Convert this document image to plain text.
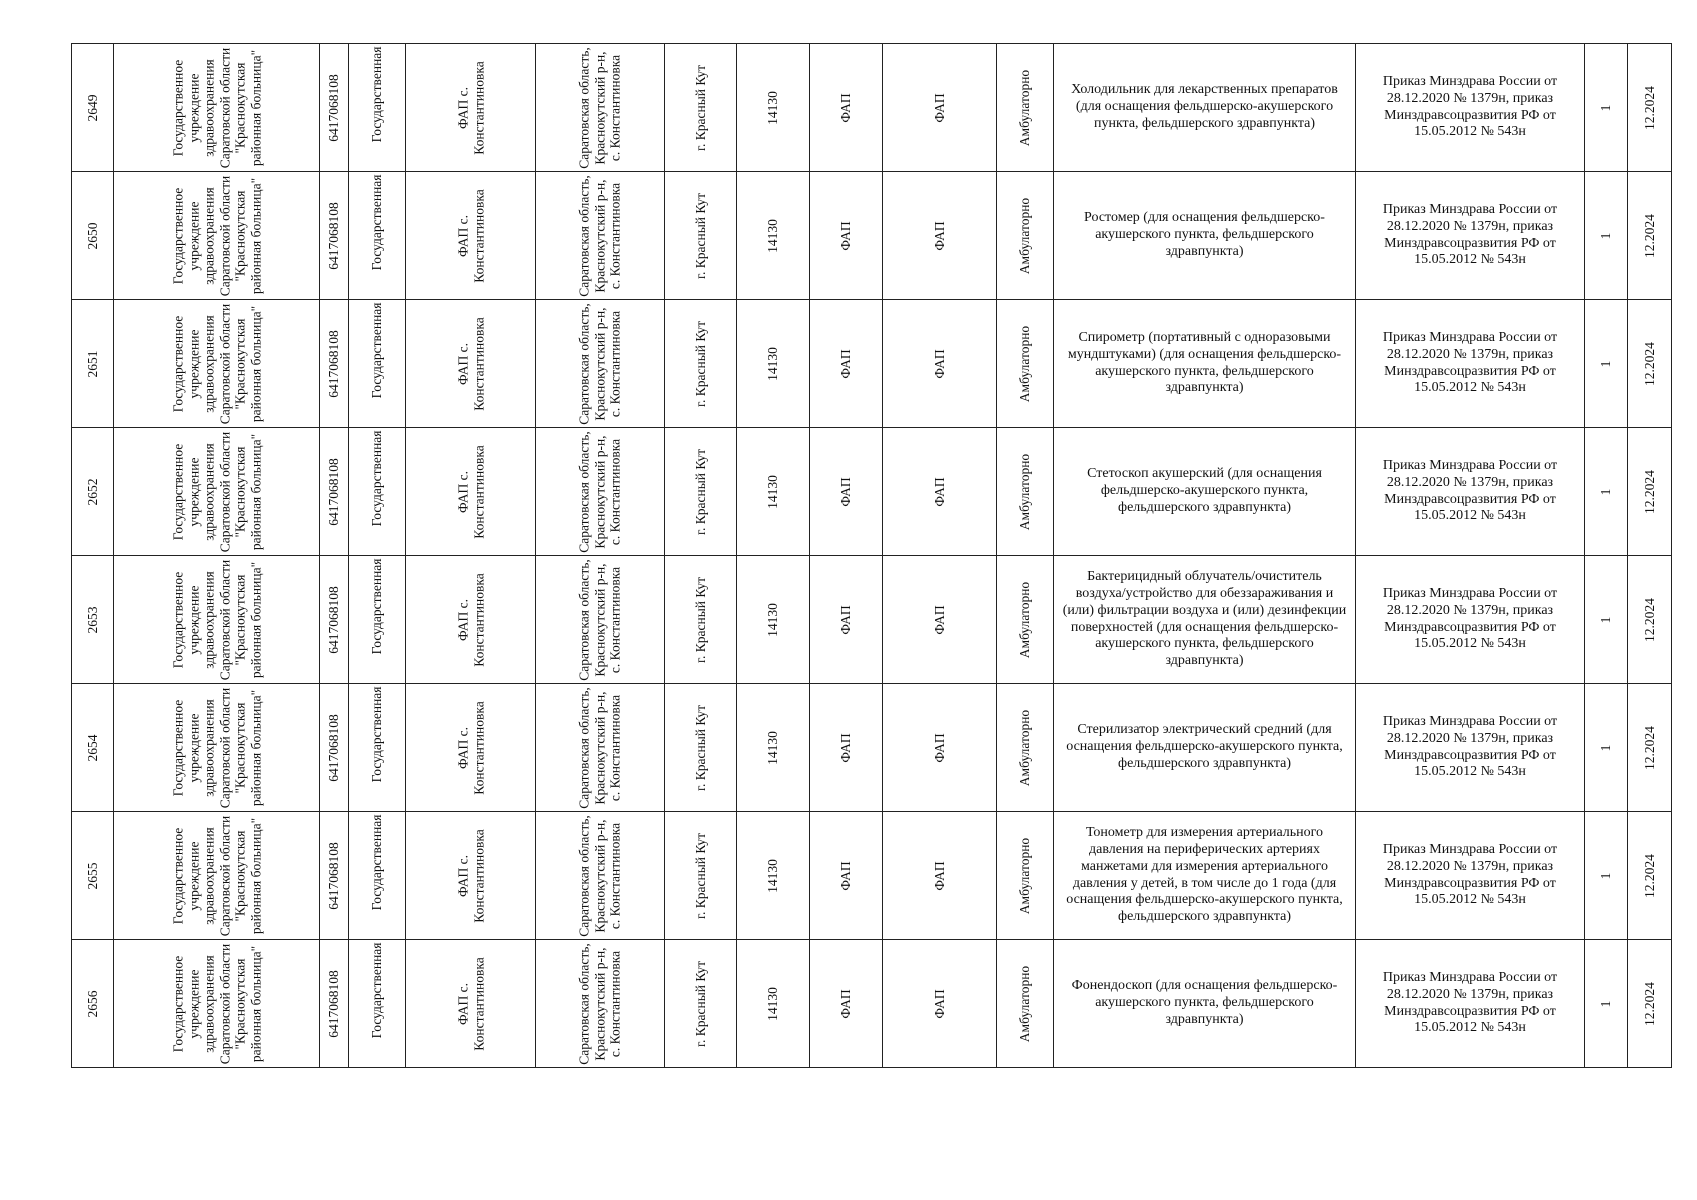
2649	Государственное учреждение здравоохранения Саратовской области "Краснокутская районная больница"	6417068108	Государственная	ФАП с. Константиновка	Саратовская область, Краснокутский р-н, с. Константиновка	г. Красный Кут	14130	ФАП	ФАП	Амбулаторно	Холодильник для лекарственных препаратов (для оснащения фельдшерско-акушерского пункта, фельдшерского здравпункта)	Приказ Минздрава России от 28.12.2020 № 1379н, приказ Минздравсоцразвития РФ от 15.05.2012 № 543н	1	12.2024

2650	Государственное учреждение здравоохранения Саратовской области "Краснокутская районная больница"	6417068108	Государственная	ФАП с. Константиновка	Саратовская область, Краснокутский р-н, с. Константиновка	г. Красный Кут	14130	ФАП	ФАП	Амбулаторно	Ростомер (для оснащения фельдшерско-акушерского пункта, фельдшерского здравпункта)	Приказ Минздрава России от 28.12.2020 № 1379н, приказ Минздравсоцразвития РФ от 15.05.2012 № 543н	1	12.2024

2651	Государственное учреждение здравоохранения Саратовской области "Краснокутская районная больница"	6417068108	Государственная	ФАП с. Константиновка	Саратовская область, Краснокутский р-н, с. Константиновка	г. Красный Кут	14130	ФАП	ФАП	Амбулаторно	Спирометр (портативный с одноразовыми мундштуками) (для оснащения фельдшерско-акушерского пункта, фельдшерского здравпункта)	Приказ Минздрава России от 28.12.2020 № 1379н, приказ Минздравсоцразвития РФ от 15.05.2012 № 543н	1	12.2024

2652	Государственное учреждение здравоохранения Саратовской области "Краснокутская районная больница"	6417068108	Государственная	ФАП с. Константиновка	Саратовская область, Краснокутский р-н, с. Константиновка	г. Красный Кут	14130	ФАП	ФАП	Амбулаторно	Стетоскоп акушерский (для оснащения фельдшерско-акушерского пункта, фельдшерского здравпункта)	Приказ Минздрава России от 28.12.2020 № 1379н, приказ Минздравсоцразвития РФ от 15.05.2012 № 543н	1	12.2024

2653	Государственное учреждение здравоохранения Саратовской области "Краснокутская районная больница"	6417068108	Государственная	ФАП с. Константиновка	Саратовская область, Краснокутский р-н, с. Константиновка	г. Красный Кут	14130	ФАП	ФАП	Амбулаторно	Бактерицидный облучатель/очиститель воздуха/устройство для обеззараживания и (или) фильтрации воздуха и (или) дезинфекции поверхностей (для оснащения фельдшерско-акушерского пункта, фельдшерского здравпункта)	Приказ Минздрава России от 28.12.2020 № 1379н, приказ Минздравсоцразвития РФ от 15.05.2012 № 543н	1	12.2024

2654	Государственное учреждение здравоохранения Саратовской области "Краснокутская районная больница"	6417068108	Государственная	ФАП с. Константиновка	Саратовская область, Краснокутский р-н, с. Константиновка	г. Красный Кут	14130	ФАП	ФАП	Амбулаторно	Стерилизатор электрический средний (для оснащения фельдшерско-акушерского пункта, фельдшерского здравпункта)	Приказ Минздрава России от 28.12.2020 № 1379н, приказ Минздравсоцразвития РФ от 15.05.2012 № 543н	1	12.2024

2655	Государственное учреждение здравоохранения Саратовской области "Краснокутская районная больница"	6417068108	Государственная	ФАП с. Константиновка	Саратовская область, Краснокутский р-н, с. Константиновка	г. Красный Кут	14130	ФАП	ФАП	Амбулаторно	Тонометр для измерения артериального давления на периферических артериях манжетами для измерения артериального давления у детей, в том числе до 1 года (для оснащения фельдшерско-акушерского пункта, фельдшерского здравпункта)	Приказ Минздрава России от 28.12.2020 № 1379н, приказ Минздравсоцразвития РФ от 15.05.2012 № 543н	1	12.2024

2656	Государственное учреждение здравоохранения Саратовской области "Краснокутская районная больница"	6417068108	Государственная	ФАП с. Константиновка	Саратовская область, Краснокутский р-н, с. Константиновка	г. Красный Кут	14130	ФАП	ФАП	Амбулаторно	Фонендоскоп (для оснащения фельдшерско-акушерского пункта, фельдшерского здравпункта)	Приказ Минздрава России от 28.12.2020 № 1379н, приказ Минздравсоцразвития РФ от 15.05.2012 № 543н	1	12.2024
